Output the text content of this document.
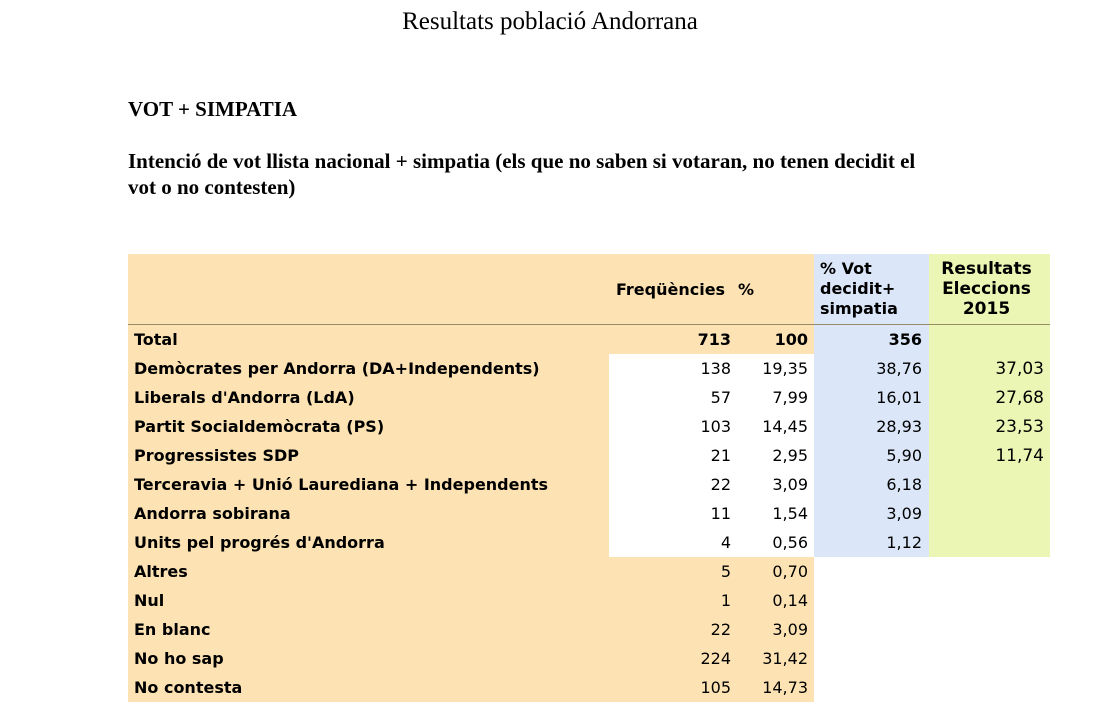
Resultats població Andorrana
VOT + SIMPATIA
Intenció de vot llista nacional + simpatia (els que no saben si votaran, no tenen decidit el vot o no contesten)
	Freqüències	%	% Vot decidit+ simpatia	Resultats Eleccions 2015
Total	713	100	356	
Demòcrates per Andorra (DA+Independents)	138	19,35	38,76	37,03
Liberals d'Andorra (LdA)	57	7,99	16,01	27,68
Partit Socialdemòcrata (PS)	103	14,45	28,93	23,53
Progressistes SDP	21	2,95	5,90	11,74
Terceravia + Unió Laurediana + Independents	22	3,09	6,18	
Andorra sobirana	11	1,54	3,09	
Units pel progrés d'Andorra	4	0,56	1,12	
Altres	5	0,70		
Nul	1	0,14		
En blanc	22	3,09		
No ho sap	224	31,42		
No contesta	105	14,73		
